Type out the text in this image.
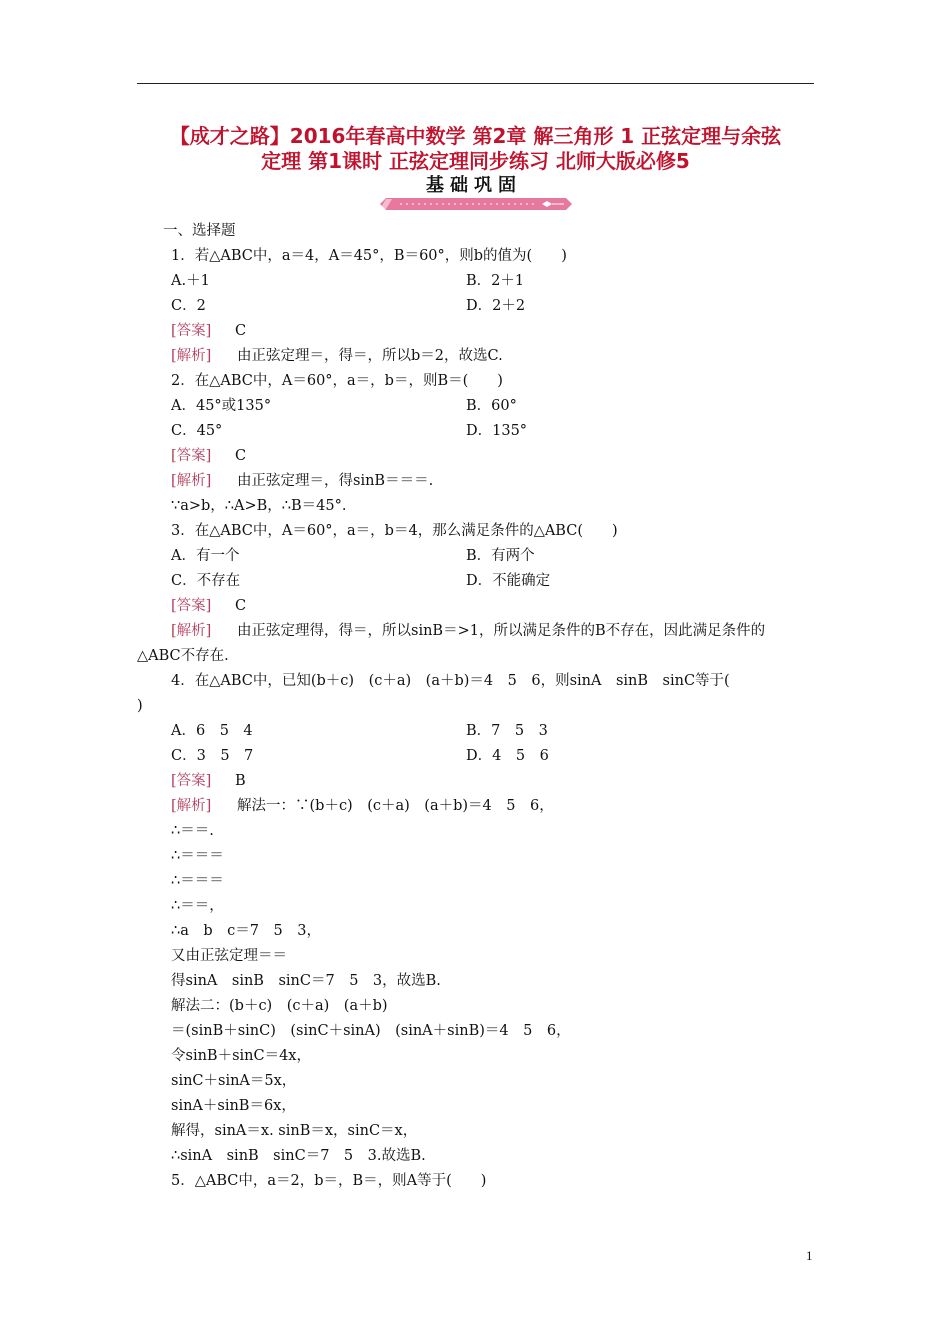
【成才之路】2016年春高中数学 第2章 解三角形 1 正弦定理与余弦
定理 第1课时 正弦定理同步练习 北师大版必修5
基础巩固
一、选择题
1．若△ABC中，a＝4，A＝45°，B＝60°，则b的值为(　　)
A.＋1	B．2＋1
C．2	D．2＋2
[答案] C
[解析] 由正弦定理＝，得＝，所以b＝2，故选C.
2．在△ABC中，A＝60°，a＝，b＝，则B＝(　　)
A．45°或135°	B．60°
C．45°	D．135°
[答案] C
[解析] 由正弦定理＝，得sinB＝＝＝.
∵a>b，∴A>B，∴B＝45°.
3．在△ABC中，A＝60°，a＝，b＝4，那么满足条件的△ABC(　　)
A．有一个	B．有两个
C．不存在	D．不能确定
[答案] C
[解析] 由正弦定理得，得＝，所以sinB＝>1，所以满足条件的B不存在，因此满足条件的
△ABC不存在.
4．在△ABC中，已知(b＋c)　(c＋a)　(a＋b)＝4　5　6，则sinA　sinB　sinC等于(
)
A．6　5　4	B．7　5　3
C．3　5　7	D．4　5　6
[答案] B
[解析] 解法一：∵(b＋c)　(c＋a)　(a＋b)＝4　5　6，
∴＝＝.
∴＝＝＝
∴＝＝＝
∴＝＝，
∴a　b　c＝7　5　3，
又由正弦定理＝＝
得sinA　sinB　sinC＝7　5　3，故选B.
解法二：(b＋c)　(c＋a)　(a＋b)
＝(sinB＋sinC)　(sinC＋sinA)　(sinA＋sinB)＝4　5　6，
令sinB＋sinC＝4x，
sinC＋sinA＝5x，
sinA＋sinB＝6x，
解得，sinA＝x. sinB＝x，sinC＝x，
∴sinA　sinB　sinC＝7　5　3.故选B.
5．△ABC中，a＝2，b＝，B＝，则A等于(　　)
1
